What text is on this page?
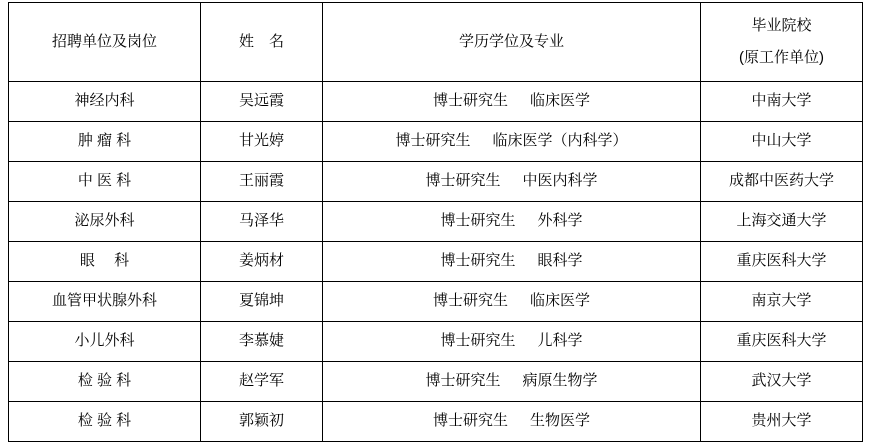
招聘单位及岗位	姓　名	学历学位及专业	毕业院校
(原工作单位)

神经内科	吴远霞	博士研究生 临床医学	中南大学
肿 瘤 科	甘光婷	博士研究生 临床医学（内科学）	中山大学
中 医 科	王丽霞	博士研究生 中医内科学	成都中医药大学
泌尿外科	马泽华	博士研究生 外科学	上海交通大学
眼　 科	姜炳材	博士研究生 眼科学	重庆医科大学
血管甲状腺外科	夏锦坤	博士研究生 临床医学	南京大学
小儿外科	李慕婕	博士研究生 儿科学	重庆医科大学
检 验 科	赵学军	博士研究生 病原生物学	武汉大学
检 验 科	郭颖初	博士研究生 生物医学	贵州大学
